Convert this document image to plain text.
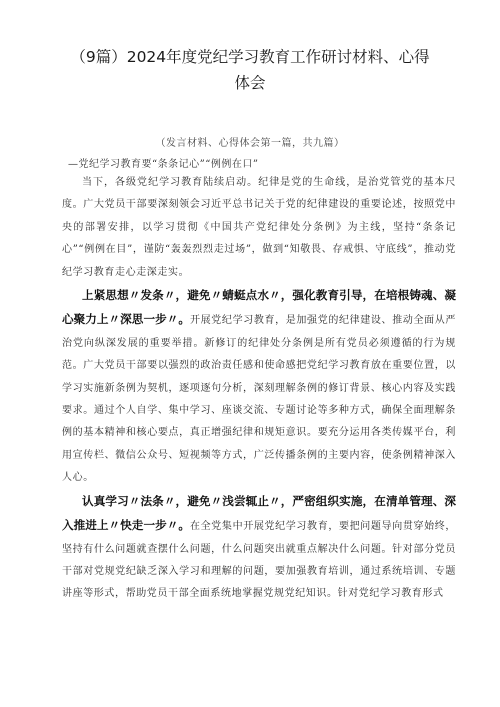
（9篇）2024年度党纪学习教育工作研讨材料、心得
体会
（发言材料、心得体会第一篇，共九篇）
—党纪学习教育要“条条记心”“例例在口”

当下，各级党纪学习教育陆续启动。纪律是党的生命线，是治党管党的基本尺度。广大党员干部要深刻领会习近平总书记关于党的纪律建设的重要论述，按照党中央的部署安排，以学习贯彻《中国共产党纪律处分条例》为主线，坚持“条条记心”“例例在目”，谨防“轰轰烈烈走过场”，做到“知敬畏、存戒惧、守底线”，推动党纪学习教育走心走深走实。

上紧思想〃发条〃，避免〃蜻蜓点水〃，强化教育引导，在培根铸魂、凝心聚力上〃深思一步〃。开展党纪学习教育，是加强党的纪律建设、推动全面从严治党向纵深发展的重要举措。新修订的纪律处分条例是所有党员必须遵循的行为规范。广大党员干部要以强烈的政治责任感和使命感把党纪学习教育放在重要位置，以学习实施新条例为契机，逐项逐句分析，深刻理解条例的修订背景、核心内容及实践要求。通过个人自学、集中学习、座谈交流、专题讨论等多种方式，确保全面理解条例的基本精神和核心要点，真正增强纪律和规矩意识。要充分运用各类传媒平台，利用宣传栏、微信公众号、短视频等方式，广泛传播条例的主要内容，使条例精神深入人心。

认真学习〃法条〃，避免〃浅尝辄止〃，严密组织实施，在清单管理、深入推进上〃快走一步〃。在全党集中开展党纪学习教育，要把问题导向贯穿始终，坚持有什么问题就查摆什么问题，什么问题突出就重点解决什么问题。针对部分党员干部对党规党纪缺乏深入学习和理解的问题，要加强教育培训，通过系统培训、专题讲座等形式，帮助党员干部全面系统地掌握党规党纪知识。针对党纪学习教育形式
